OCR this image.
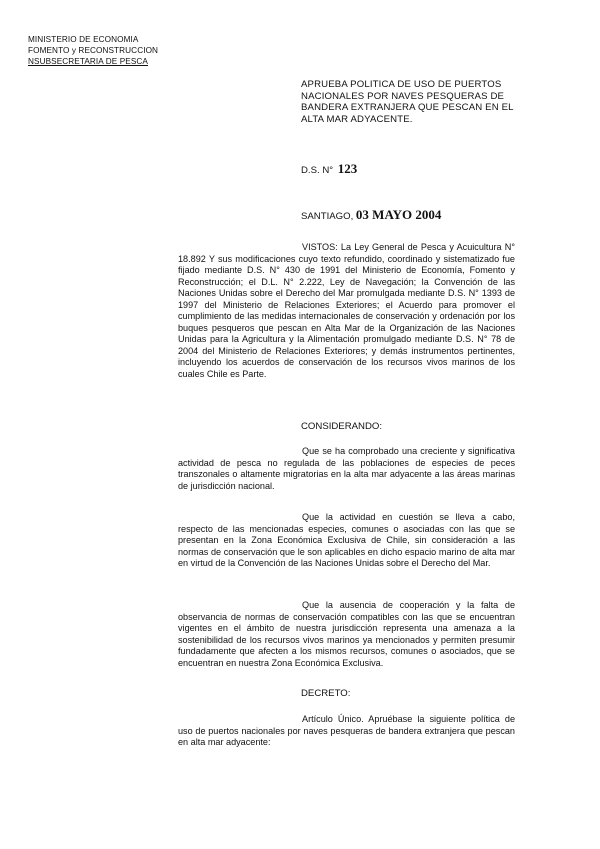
MINISTERIO DE ECONOMIA
FOMENTO y RECONSTRUCCION
NSUBSECRETARIA DE PESCA
APRUEBA POLITICA DE USO DE PUERTOS NACIONALES POR NAVES PESQUERAS DE BANDERA EXTRANJERA QUE PESCAN EN EL ALTA MAR ADYACENTE.
D.S. N° 123
SANTIAGO, 03 MAYO 2004
VISTOS: La Ley General de Pesca y Acuicultura N° 18.892 Y sus modificaciones cuyo texto refundido, coordinado y sistematizado fue fijado mediante D.S. N° 430 de 1991 del Ministerio de Economía, Fomento y Reconstrucción; el D.L. N° 2.222, Ley de Navegación; la Convención de las Naciones Unidas sobre el Derecho del Mar promulgada mediante D.S. N° 1393 de 1997 del Ministerio de Relaciones Exteriores; el Acuerdo para promover el cumplimiento de las medidas internacionales de conservación y ordenación por los buques pesqueros que pescan en Alta Mar de la Organización de las Naciones Unidas para la Agricultura y la Alimentación promulgado mediante D.S. N° 78 de 2004 del Ministerio de Relaciones Exteriores; y demás instrumentos pertinentes, incluyendo los acuerdos de conservación de los recursos vivos marinos de los cuales Chile es Parte.
CONSIDERANDO:
Que se ha comprobado una creciente y significativa actividad de pesca no regulada de las poblaciones de especies de peces transzonales o altamente migratorias en la alta mar adyacente a las áreas marinas de jurisdicción nacional.
Que la actividad en cuestión se lleva a cabo, respecto de las mencionadas especies, comunes o asociadas con las que se presentan en la Zona Económica Exclusiva de Chile, sin consideración a las normas de conservación que le son aplicables en dicho espacio marino de alta mar en virtud de la Convención de las Naciones Unidas sobre el Derecho del Mar.
Que la ausencia de cooperación y la falta de observancia de normas de conservación compatibles con las que se encuentran vigentes en el ámbito de nuestra jurisdicción representa una amenaza a la sostenibilidad de los recursos vivos marinos ya mencionados y permiten presumir fundadamente que afecten a los mismos recursos, comunes o asociados, que se encuentran en nuestra Zona Económica Exclusiva.
DECRETO:
Artículo Único. Apruébase la siguiente política de uso de puertos nacionales por naves pesqueras de bandera extranjera que pescan en alta mar adyacente:
